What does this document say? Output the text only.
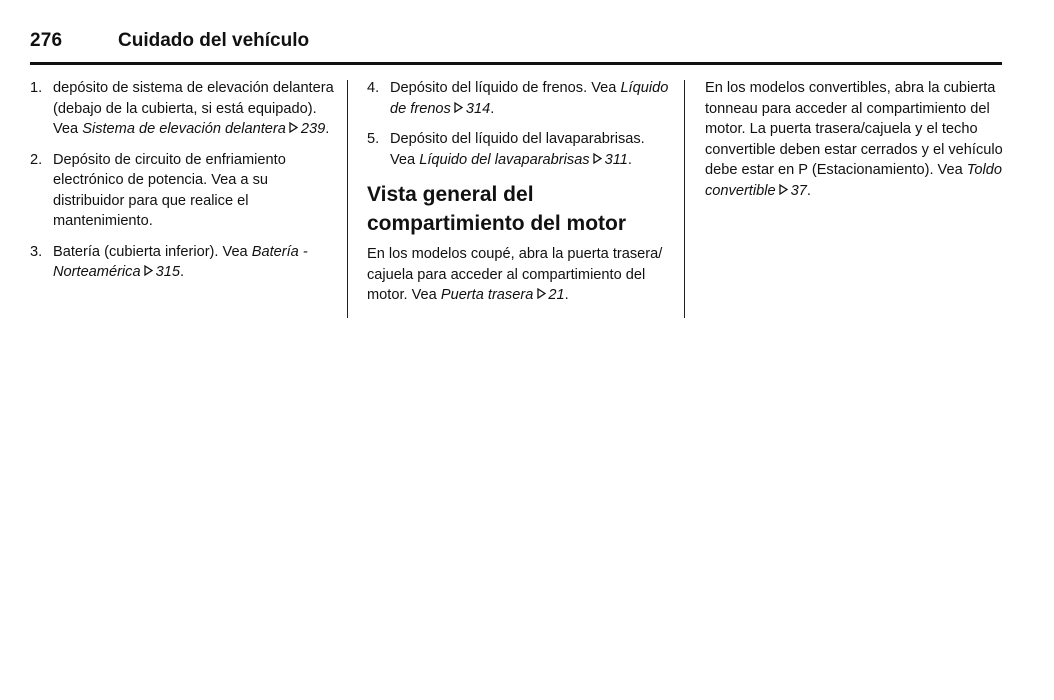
276	Cuidado del vehículo
1. depósito de sistema de elevación delantera (debajo de la cubierta, si está equipado).
Vea Sistema de elevación delantera 239.
2. Depósito de circuito de enfriamiento electrónico de potencia. Vea a su distribuidor para que realice el mantenimiento.
3. Batería (cubierta inferior). Vea Batería - Norteamérica 315.
4. Depósito del líquido de frenos. Vea Líquido de frenos 314.
5. Depósito del líquido del lavaparabrisas. Vea Líquido del lavaparabrisas 311.
Vista general del compartimiento del motor

En los modelos coupé, abra la puerta trasera/ cajuela para acceder al compartimiento del motor. Vea Puerta trasera 21.

En los modelos convertibles, abra la cubierta tonneau para acceder al compartimiento del motor. La puerta trasera/cajuela y el techo convertible deben estar cerrados y el vehículo debe estar en P (Estacionamiento). Vea Toldo convertible 37.
